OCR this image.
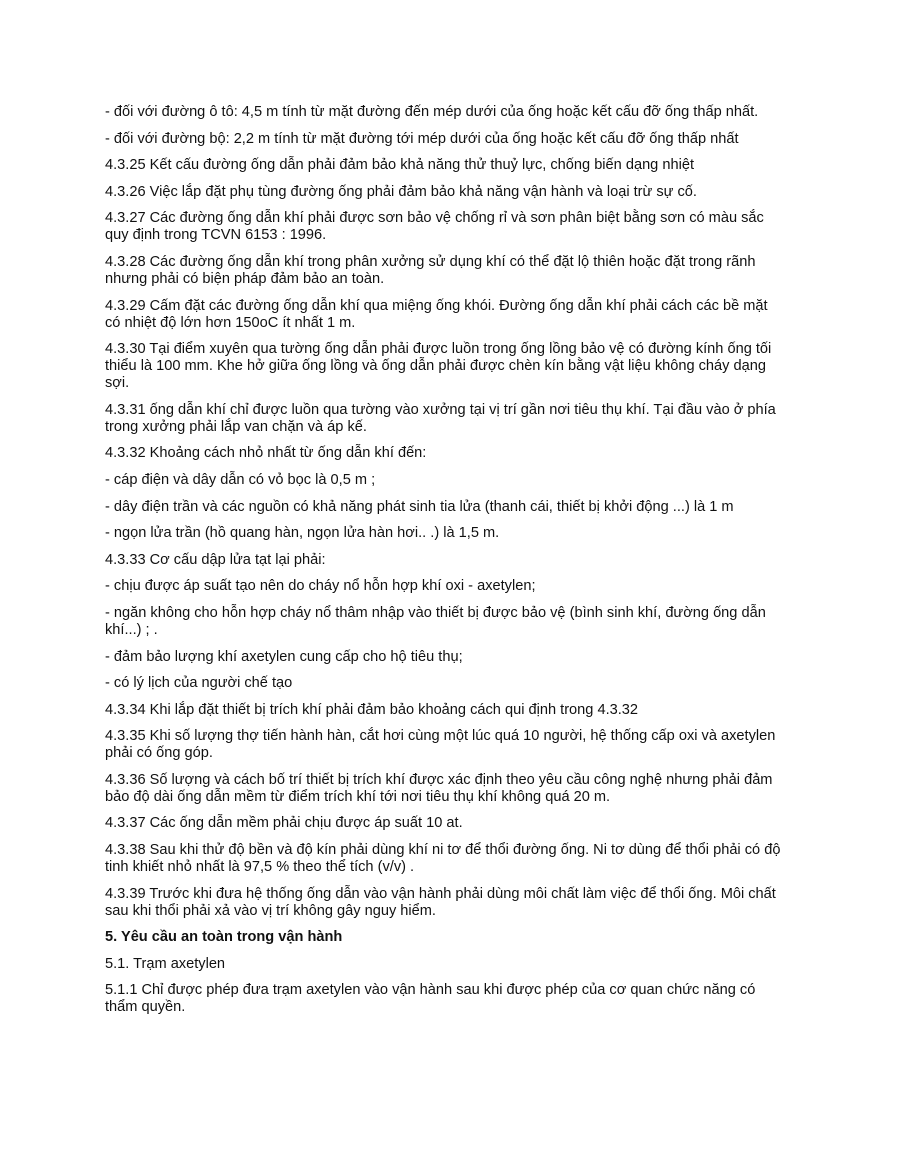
- đối với đường ô tô: 4,5 m tính từ mặt đường đến mép dưới của ống hoặc kết cấu đỡ ống thấp nhất.

- đối với đường bộ: 2,2 m tính từ mặt đường tới mép dưới của ống hoặc kết cấu đỡ ống thấp nhất

4.3.25 Kết cấu đường ống dẫn phải đảm bảo khả năng thử thuỷ lực, chống biến dạng nhiệt

4.3.26 Việc lắp đặt phụ tùng đường ống phải đảm bảo khả năng vận hành và loại trừ sự cố.

4.3.27 Các đường ống dẫn khí phải được sơn bảo vệ chống rỉ và sơn phân biệt bằng sơn có màu sắc quy định trong TCVN 6153 : 1996.

4.3.28 Các đường ống dẫn khí trong phân xưởng sử dụng khí có thể đặt lộ thiên hoặc đặt trong rãnh nhưng phải có biện pháp đảm bảo an toàn.

4.3.29 Cấm đặt các đường ống dẫn khí qua miệng ống khói. Đường ống dẫn khí phải cách các bề mặt có nhiệt độ lớn hơn 150oC ít nhất 1 m.

4.3.30 Tại điểm xuyên qua tường ống dẫn phải được luồn trong ống lồng bảo vệ có đường kính ống tối thiểu là 100 mm. Khe hở giữa ống lồng và ống dẫn phải được chèn kín bằng vật liệu không cháy dạng sợi.

4.3.31 ống dẫn khí chỉ được luồn qua tường vào xưởng tại vị trí gần nơi tiêu thụ khí. Tại đầu vào ở phía trong xưởng phải lắp van chặn và áp kế.

4.3.32 Khoảng cách nhỏ nhất từ ống dẫn khí đến:

- cáp điện và dây dẫn có vỏ bọc là 0,5 m ;

- dây điện trần và các nguồn có khả năng phát sinh tia lửa (thanh cái, thiết bị khởi động ...) là 1 m

- ngọn lửa trần (hồ quang hàn, ngọn lửa hàn hơi.. .) là 1,5 m.

4.3.33 Cơ cấu dập lửa tạt lại phải:

- chịu được áp suất tạo nên do cháy nổ hỗn hợp khí oxi - axetylen;

- ngăn không cho hỗn hợp cháy nổ thâm nhập vào thiết bị được bảo vệ (bình sinh khí, đường ống dẫn khí...) ; .

- đảm bảo lượng khí axetylen cung cấp cho hộ tiêu thụ;

- có lý lịch của người chế tạo

4.3.34 Khi lắp đặt thiết bị trích khí phải đảm bảo khoảng cách qui định trong 4.3.32

4.3.35 Khi số lượng thợ tiến hành hàn, cắt hơi cùng một lúc quá 10 người, hệ thống cấp oxi và axetylen phải có ống góp.

4.3.36 Số lượng và cách bố trí thiết bị trích khí được xác định theo yêu cầu công nghệ nhưng phải đảm bảo độ dài ống dẫn mềm từ điểm trích khí tới nơi tiêu thụ khí không quá 20 m.

4.3.37 Các ống dẫn mềm phải chịu được áp suất 10 at.

4.3.38 Sau khi thử độ bền và độ kín phải dùng khí ni tơ để thổi đường ống. Ni tơ dùng để thổi phải có độ tinh khiết nhỏ nhất là 97,5 % theo thể tích (v/v) .

4.3.39 Trước khi đưa hệ thống ống dẫn vào vận hành phải dùng môi chất làm việc để thổi ống. Môi chất sau khi thổi phải xả vào vị trí không gây nguy hiểm.

5. Yêu cầu an toàn trong vận hành

5.1. Trạm axetylen

5.1.1 Chỉ được phép đưa trạm axetylen vào vận hành sau khi được phép của cơ quan chức năng có thẩm quyền.
